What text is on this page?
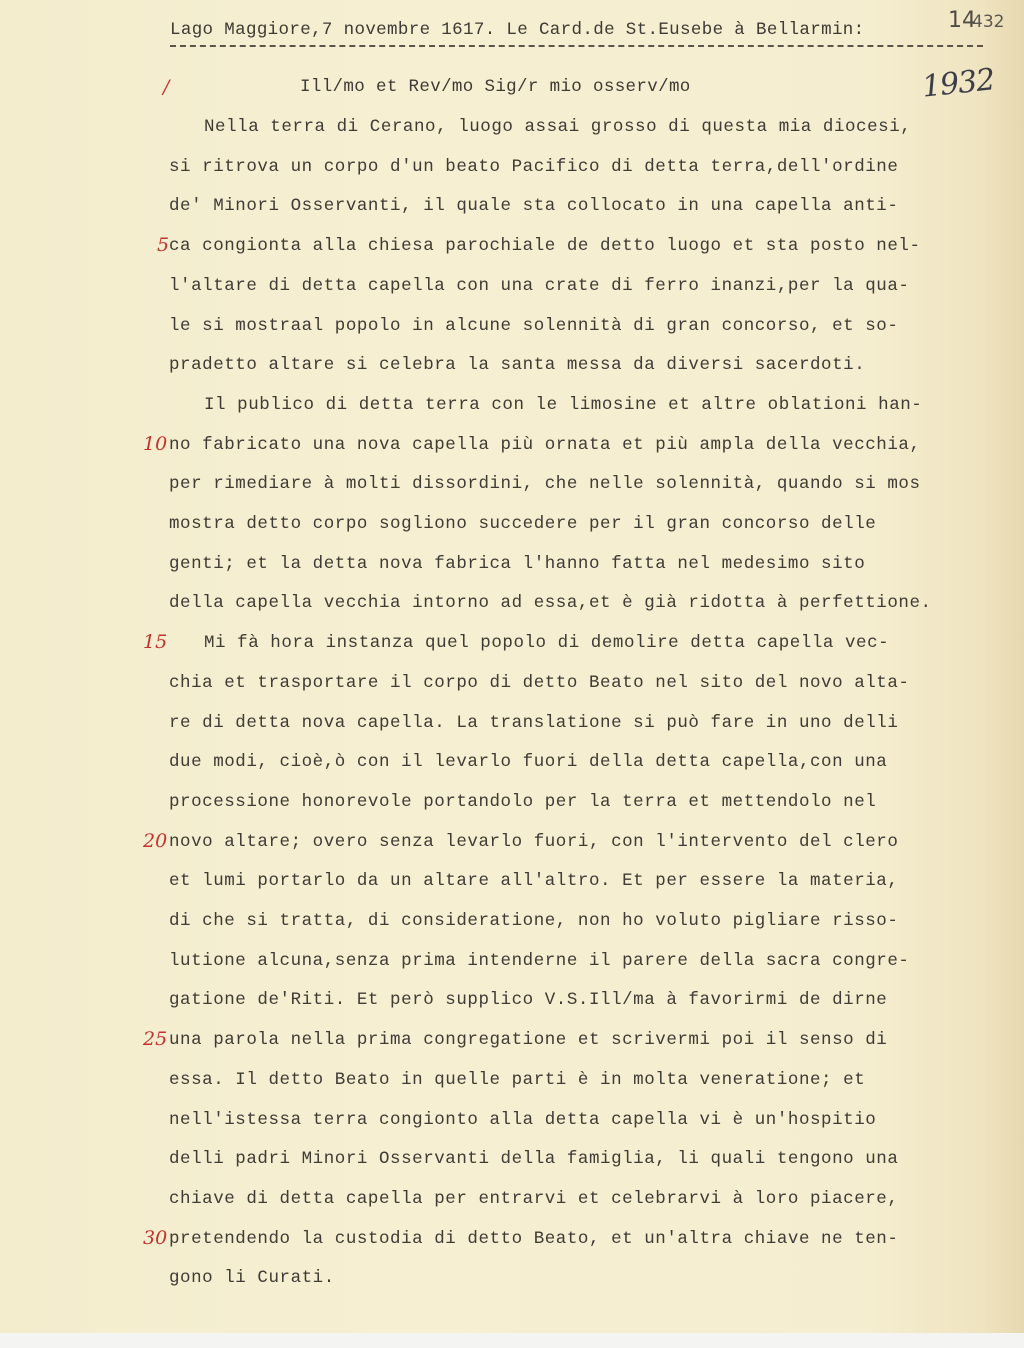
Lago Maggiore,7 novembre 1617. Le Card.de St.Eusebe à Bellarmin:	14432
1932
Ill/mo et Rev/mo Sig/r mio osserv/mo
Nella terra di Cerano, luogo assai grosso di questa mia diocesi,
si ritrova un corpo d'un beato Pacifico di detta terra,dell'ordine
de' Minori Osservanti, il quale sta collocato in una capella anti-
ca congionta alla chiesa parochiale de detto luogo et sta posto nel-
l'altare di detta capella con una crate di ferro inanzi,per la qua-
le si mostraal popolo in alcune solennità di gran concorso, et so-
pradetto altare si celebra la santa messa da diversi sacerdoti.
Il publico di detta terra con le limosine et altre oblationi han-
no fabricato una nova capella più ornata et più ampla della vecchia,
per rimediare à molti dissordini, che nelle solennità, quando si mos
mostra detto corpo sogliono succedere per il gran concorso delle
genti; et la detta nova fabrica l'hanno fatta nel medesimo sito
della capella vecchia intorno ad essa,et è già ridotta à perfettione.
Mi fà hora instanza quel popolo di demolire detta capella vec-
chia et trasportare il corpo di detto Beato nel sito del novo alta-
re di detta nova capella. La translatione si può fare in uno delli
due modi, cioè,ò con il levarlo fuori della detta capella,con una
processione honorevole portandolo per la terra et mettendolo nel
novo altare; overo senza levarlo fuori, con l'intervento del clero
et lumi portarlo da un altare all'altro. Et per essere la materia,
di che si tratta, di consideratione, non ho voluto pigliare risso-
lutione alcuna,senza prima intenderne il parere della sacra congre-
gatione de'Riti. Et però supplico V.S.Ill/ma à favorirmi de dirne
una parola nella prima congregatione et scrivermi poi il senso di
essa. Il detto Beato in quelle parti è in molta veneratione; et
nell'istessa terra congionto alla detta capella vi è un'hospitio
delli padri Minori Osservanti della famiglia, li quali tengono una
chiave di detta capella per entrarvi et celebrarvi à loro piacere,
pretendendo la custodia di detto Beato, et un'altra chiave ne ten-
gono li Curati.
/
5
10
15
20
25
30
